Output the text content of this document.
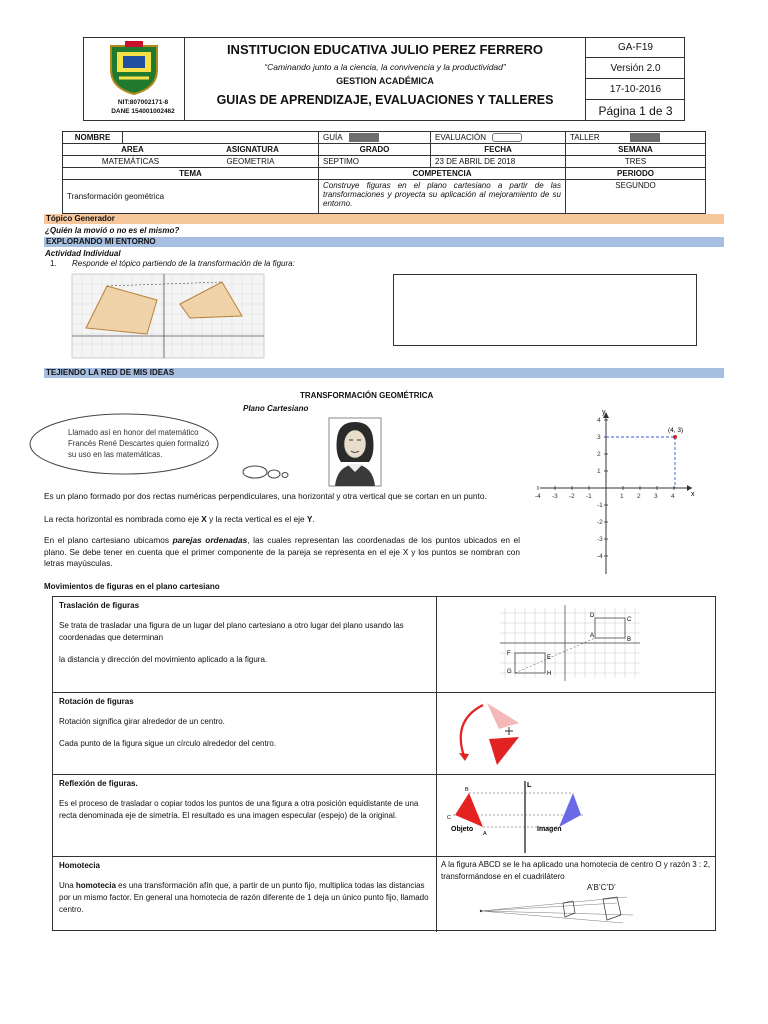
NIT:807002171-8
DANE 154001002462
INSTITUCION EDUCATIVA JULIO PEREZ FERRERO
“Caminando junto a la ciencia, la convivencia y la productividad”
GESTION ACADÉMICA
GUIAS DE APRENDIZAJE, EVALUACIONES Y TALLERES
GA-F19
Versión 2.0
17-10-2016
Página 1 de 3
NOMBRE		GUÍA	EVALUACIÓN	TALLER
AREA ASIGNATURA		GRADO	FECHA	SEMANA
MATEMÁTICAS GEOMETRIA		SEPTIMO	23 DE ABRIL DE 2018	TRES
TEMA		COMPETENCIA		PERIODO
Transformación geométrica		Construye figuras en el plano cartesiano a partir de las transformaciones y proyecta su aplicación al mejoramiento de su entorno.		SEGUNDO
Tópico Generador
¿Quién la movió o no es el mismo?
EXPLORANDO MI ENTORNO
Actividad Individual
1. Responde el tópico partiendo de la transformación de la figura:
TEJIENDO LA RED DE MIS IDEAS
TRANSFORMACIÓN GEOMÉTRICA
Plano Cartesiano
Llamado así en honor del matemático Francés René Descartes quien formalizó su uso en las matemáticas.
x
y
-4 -3 -2 -1	1 2 3 4
-4
-3
-2
-1
1
2
3
4
(4, 3)
Es un plano formado por dos rectas numéricas perpendiculares, una horizontal y otra vertical que se cortan en un punto.
La recta horizontal es nombrada como eje X y la recta vertical es el eje Y.
En el plano cartesiano ubicamos parejas ordenadas, las cuales representan las coordenadas de los puntos ubicados en el plano. Se debe tener en cuenta que el primer componente de la pareja se representa en el eje X y los puntos se nombran con letras mayúsculas.
Movimientos de figuras en el plano cartesiano
Traslación de figuras

Se trata de trasladar una figura de un lugar del plano cartesiano a otro lugar del plano usando las coordenadas que determinan

la distancia y dirección del movimiento aplicado a la figura.

D
C
A
B
F
G
E
H
Rotación de figuras

Rotación significa girar alrededor de un centro.

Cada punto de la figura sigue un círculo alrededor del centro.

Reflexión de figuras.

Es el proceso de trasladar o copiar todos los puntos de una figura a otra posición equidistante de una recta denominada eje de simetría. El resultado es una imagen especular (espejo) de la original.

L
B
C
A
Objeto	Imagen
Homotecia

Una homotecia es una transformación afín que, a partir de un punto fijo, multiplica todas las distancias por un mismo factor. En general una homotecia de razón diferente de 1 deja un único punto fijo, llamado centro.

A la figura ABCD se le ha aplicado una homotecia de centro O y razón 3 : 2, transformándose en el cuadrilátero
A’B’C’D’
